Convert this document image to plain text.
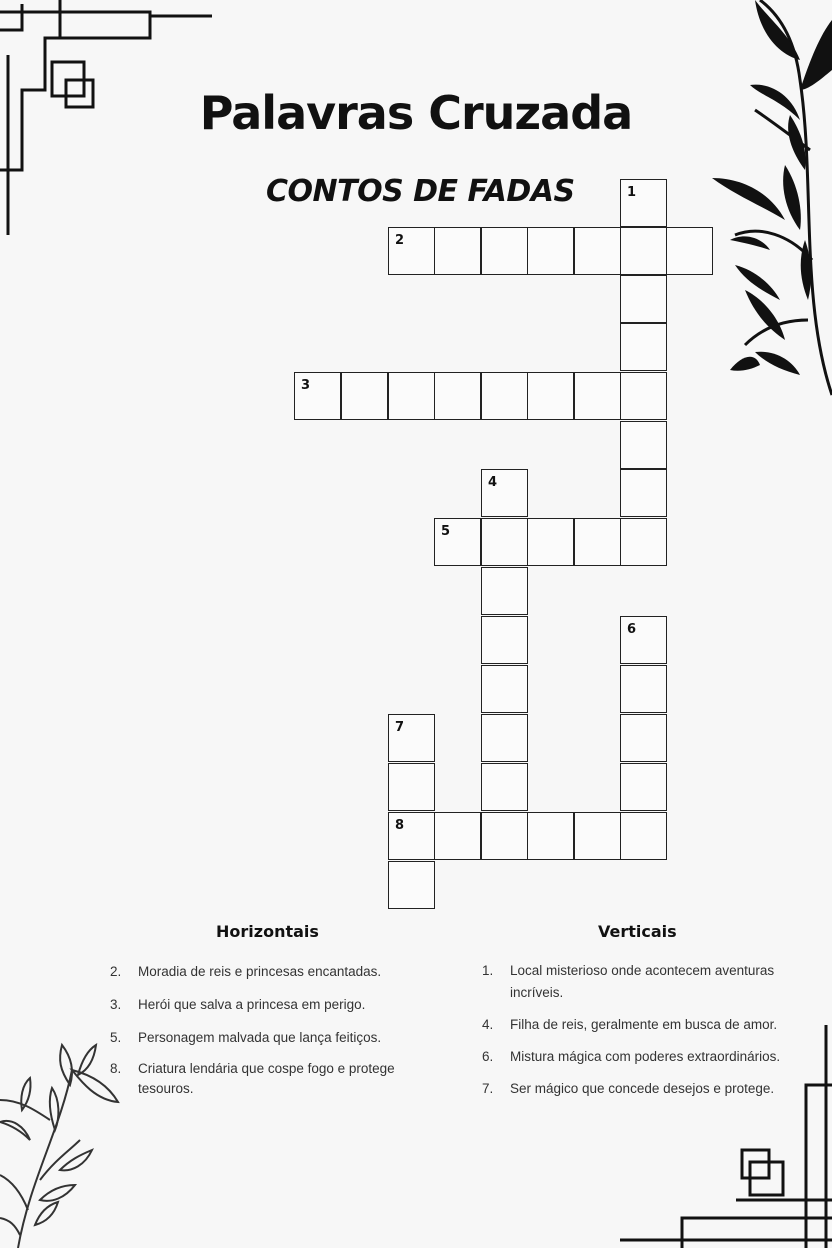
Palavras Cruzada
CONTOS DE FADAS	1
2
3
4
5
6
7
8
Horizontais	Verticais
2. Moradia de reis e princesas encantadas.
3. Herói que salva a princesa em perigo.
5. Personagem malvada que lança feitiços.
8. Criatura lendária que cospe fogo e protege tesouros.
1. Local misterioso onde acontecem aventuras incríveis.
4. Filha de reis, geralmente em busca de amor.
6. Mistura mágica com poderes extraordinários.
7. Ser mágico que concede desejos e protege.
